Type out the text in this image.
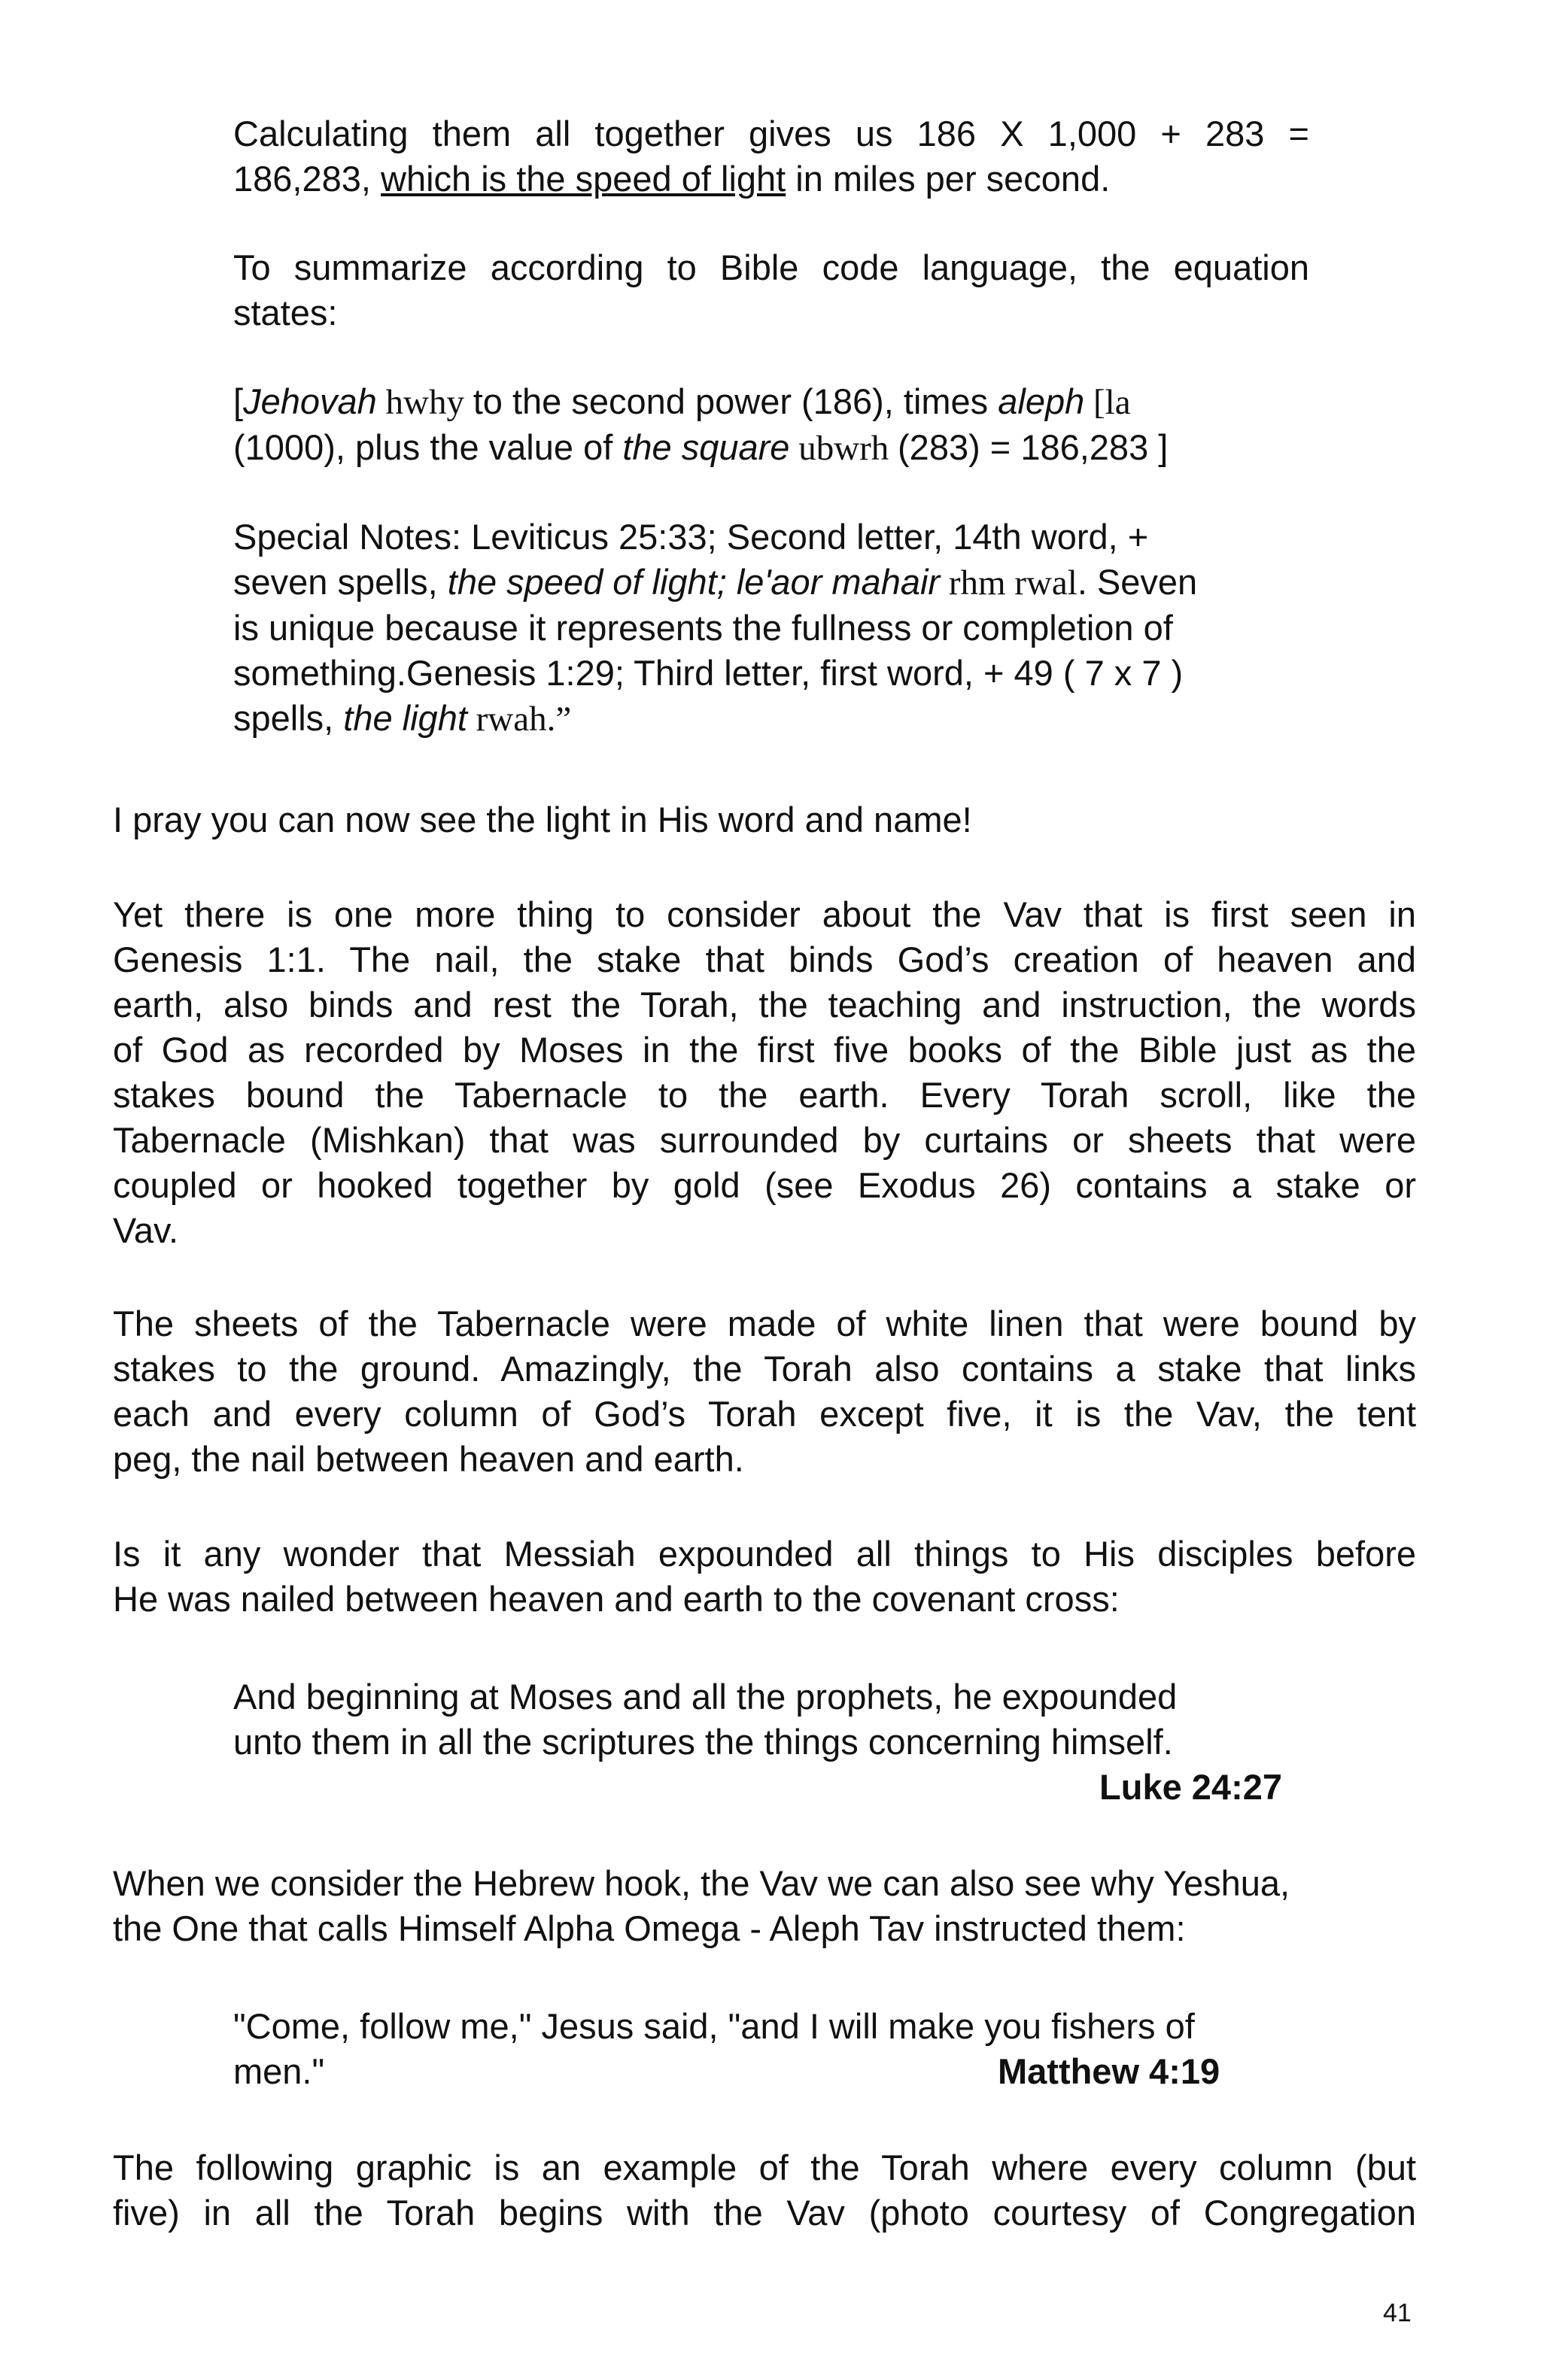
Calculating them all together gives us 186 X 1,000 + 283 =
186,283, which is the speed of light in miles per second.
To summarize according to Bible code language, the equation
states:
[Jehovah hwhy to the second power (186), times aleph [la
(1000), plus the value of the square ubwrh (283) = 186,283 ]
Special Notes: Leviticus 25:33; Second letter, 14th word, +
seven spells, the speed of light; le'aor mahair rhm rwal. Seven
is unique because it represents the fullness or completion of
something.Genesis 1:29; Third letter, first word, + 49 ( 7 x 7 )
spells, the light rwah.”
I pray you can now see the light in His word and name!
Yet there is one more thing to consider about the Vav that is first seen in
Genesis 1:1. The nail, the stake that binds God’s creation of heaven and
earth, also binds and rest the Torah, the teaching and instruction, the words
of God as recorded by Moses in the first five books of the Bible just as the
stakes bound the Tabernacle to the earth. Every Torah scroll, like the
Tabernacle (Mishkan) that was surrounded by curtains or sheets that were
coupled or hooked together by gold (see Exodus 26) contains a stake or
Vav.
The sheets of the Tabernacle were made of white linen that were bound by
stakes to the ground. Amazingly, the Torah also contains a stake that links
each and every column of God’s Torah except five, it is the Vav, the tent
peg, the nail between heaven and earth.
Is it any wonder that Messiah expounded all things to His disciples before
He was nailed between heaven and earth to the covenant cross:
And beginning at Moses and all the prophets, he expounded
unto them in all the scriptures the things concerning himself.
Luke 24:27
When we consider the Hebrew hook, the Vav we can also see why Yeshua,
the One that calls Himself Alpha Omega - Aleph Tav instructed them:
"Come, follow me," Jesus said, "and I will make you fishers of
men."	Matthew 4:19
The following graphic is an example of the Torah where every column (but
five) in all the Torah begins with the Vav (photo courtesy of Congregation
41
